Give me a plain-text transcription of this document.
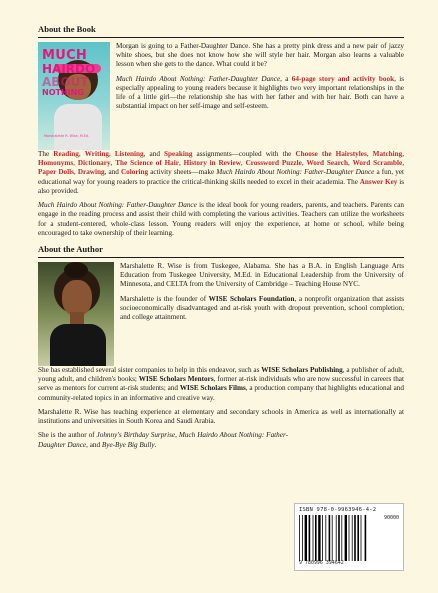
About the Book
MUCH
HAIRDO
ABOUT
NOTHING
Marshalette R. Wise, M.Ed.

Morgan is going to a Father-Daughter Dance. She has a pretty pink dress and a new pair of jazzy white shoes, but she does not know how she will style her hair. Morgan also learns a valuable lesson when she gets to the dance. What could it be?

Much Hairdo About Nothing: Father-Daughter Dance, a 64-page story and activity book, is especially appealing to young readers because it highlights two very important relationships in the life of a little girl—the relationship she has with her father and with her hair. Both can have a substantial impact on her self-image and self-esteem.

The Reading, Writing, Listening, and Speaking assignments—coupled with the Choose the Hairstyles, Matching, Homonyms, Dictionary, The Science of Hair, History in Review, Crossword Puzzle, Word Search, Word Scramble, Paper Dolls, Drawing, and Coloring activity sheets—make Much Hairdo About Nothing: Father-Daughter Dance a fun, yet educational way for young readers to practice the critical-thinking skills needed to excel in their academia. The Answer Key is also provided.

Much Hairdo About Nothing: Father-Daughter Dance is the ideal book for young readers, parents, and teachers. Parents can engage in the reading process and assist their child with completing the various activities. Teachers can utilize the worksheets for a student-centered, whole-class lesson. Young readers will enjoy the experience, at home or school, while being encouraged to take ownership of their learning.

About the Author

Marshalette R. Wise is from Tuskegee, Alabama. She has a B.A. in English Language Arts Education from Tuskegee University, M.Ed. in Educational Leadership from the University of Minnesota, and CELTA from the University of Cambridge – Teaching House NYC.

Marshalette is the founder of WISE Scholars Foundation, a nonprofit organization that assists socioeconomically disadvantaged and at-risk youth with dropout prevention, school completion, and college attainment.

She has established several sister companies to help in this endeavor, such as WISE Scholars Publishing, a publisher of adult, young adult, and children's books; WISE Scholars Mentors, former at-risk individuals who are now successful in careers that serve as mentors for current at-risk students; and WISE Scholars Films, a production company that highlights educational and community-related topics in an informative and creative way.

Marshalette R. Wise has teaching experience at elementary and secondary schools in America as well as internationally at institutions and universities in South Korea and Saudi Arabia.

She is the author of Johnny's Birthday Surprise, Much Hairdo About Nothing: Father-Daughter Dance, and Bye-Bye Big Bully.

ISBN 978-0-9963946-4-2
90000
9 780996 394642
